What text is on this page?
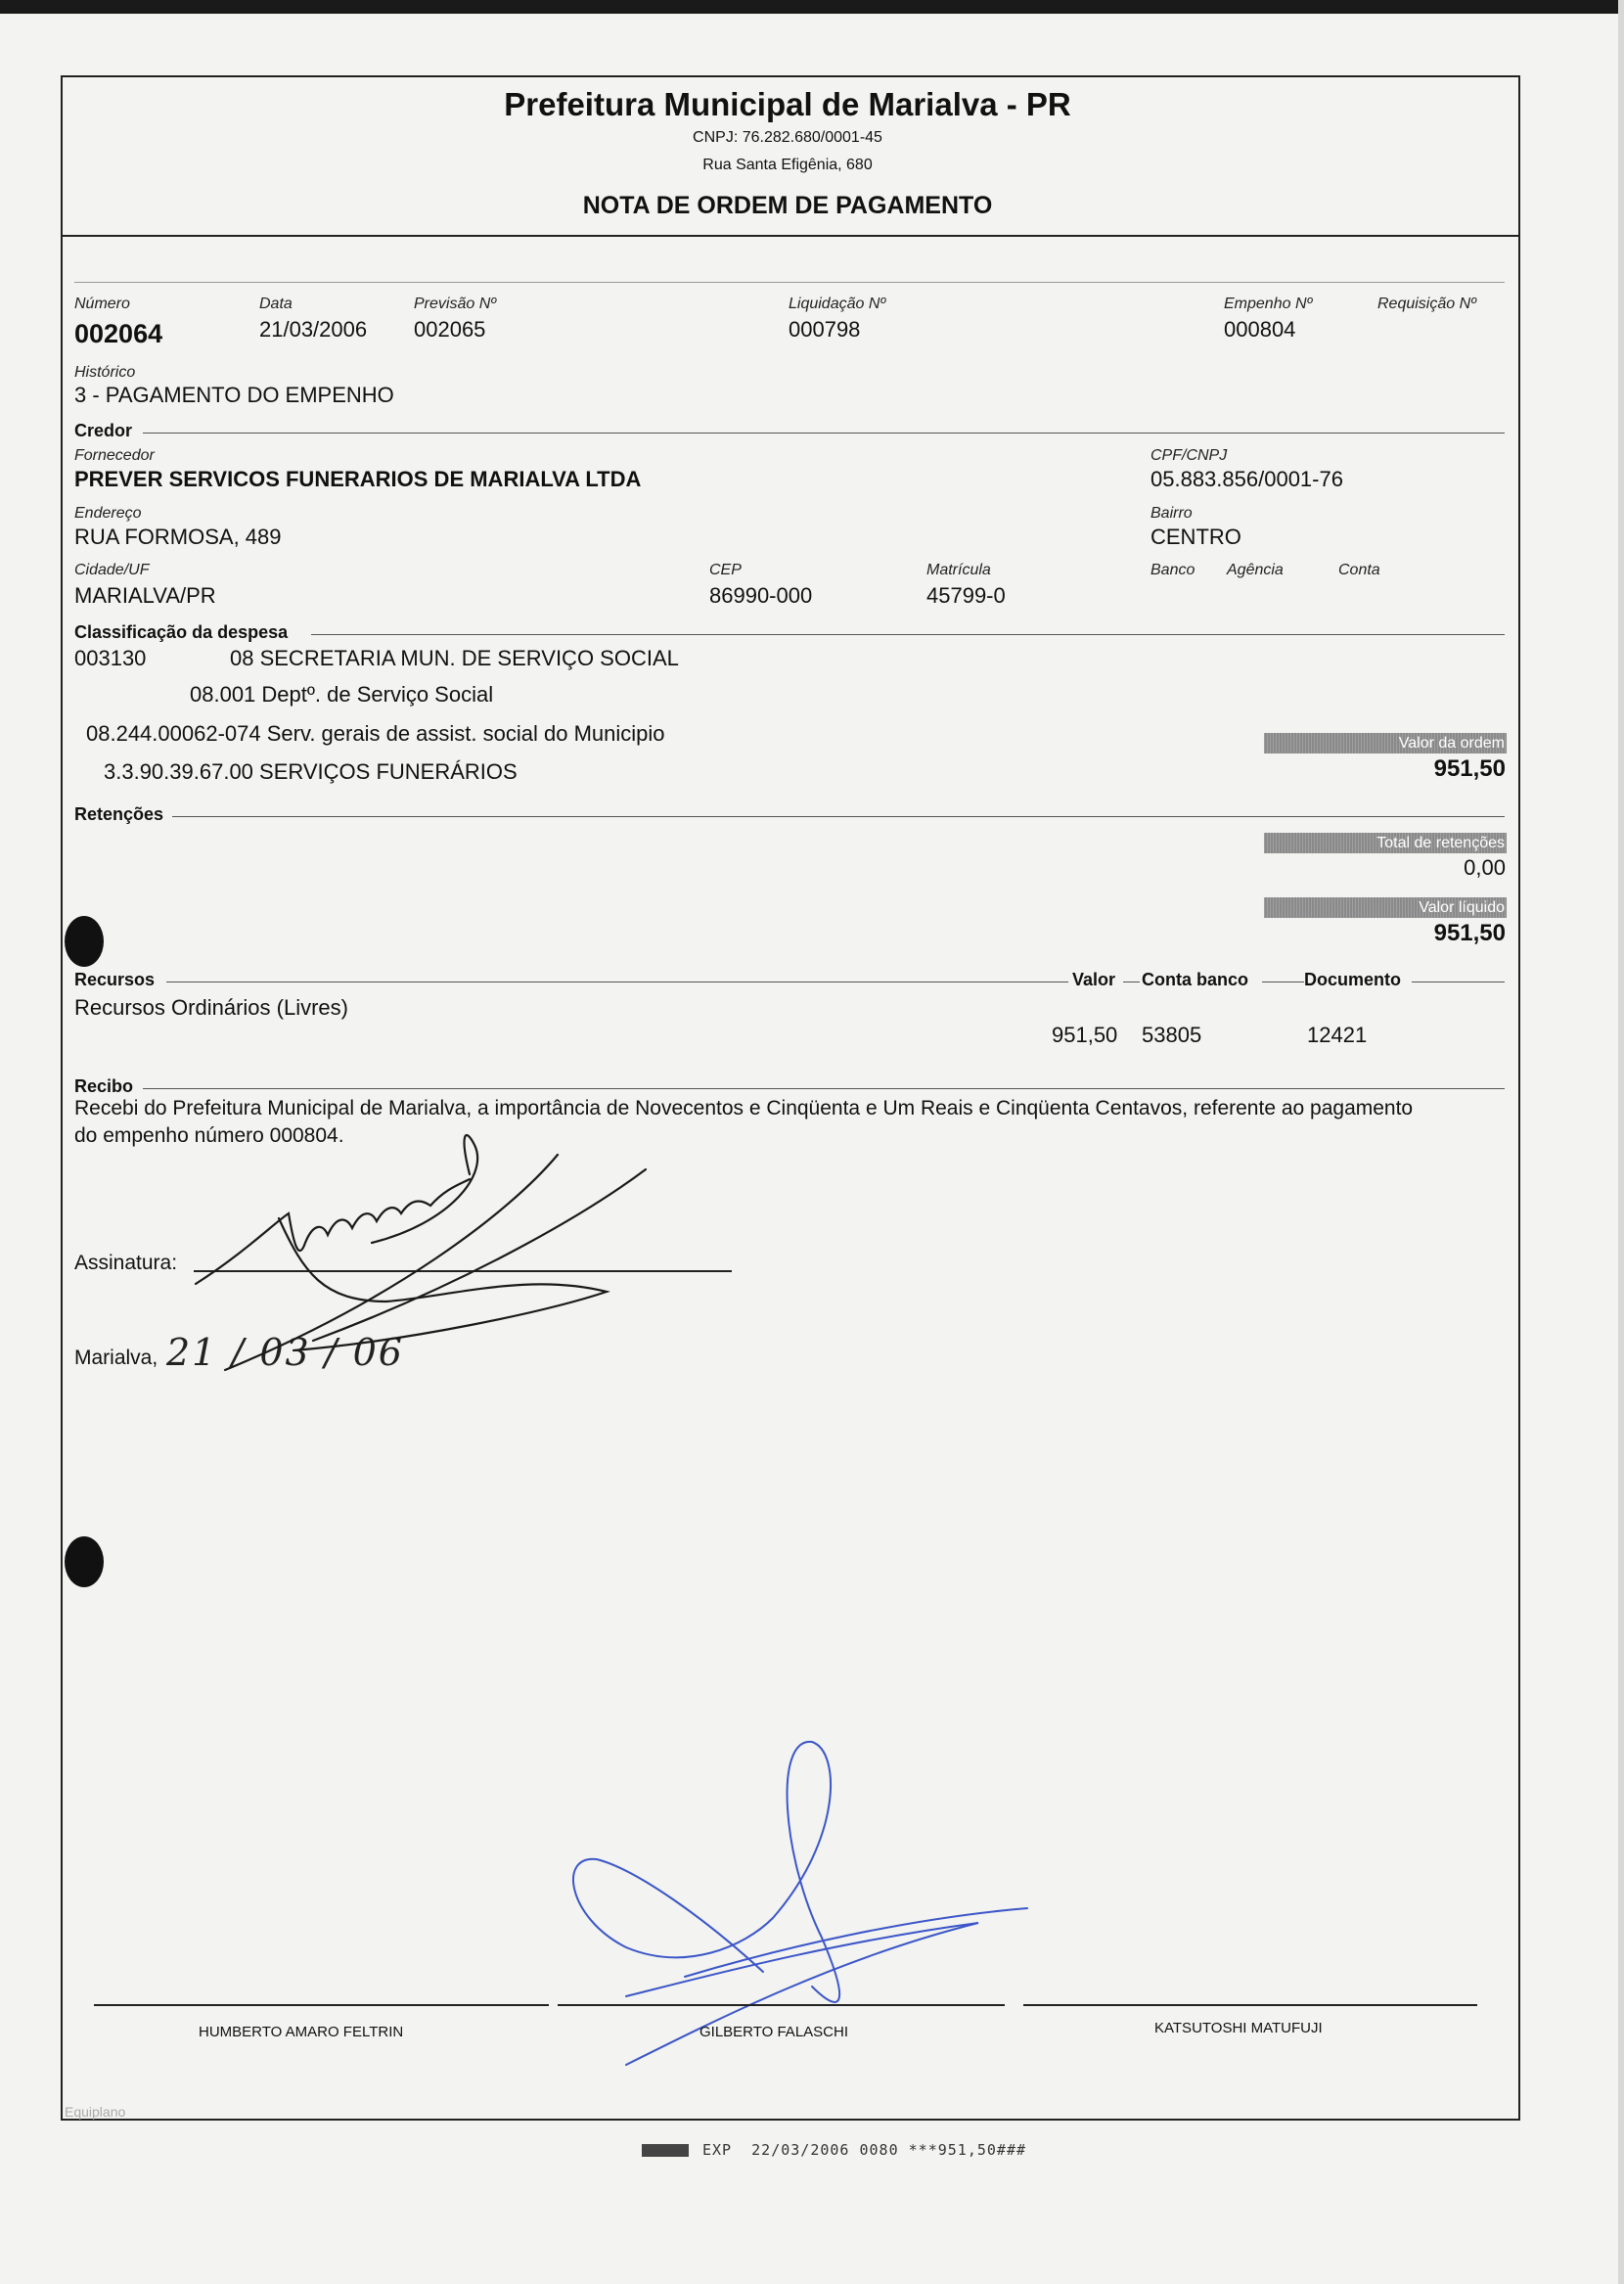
Prefeitura Municipal de Marialva - PR
CNPJ: 76.282.680/0001-45
Rua Santa Efigênia, 680
NOTA DE ORDEM DE PAGAMENTO
Número
002064
Data
21/03/2006
Previsão Nº
002065
Liquidação Nº
000798
Empenho Nº
000804
Requisição Nº
Histórico
3 - PAGAMENTO DO EMPENHO
Credor
Fornecedor
PREVER SERVICOS FUNERARIOS DE MARIALVA LTDA
CPF/CNPJ
05.883.856/0001-76
Endereço
RUA FORMOSA, 489
Bairro
CENTRO
Cidade/UF
MARIALVA/PR
CEP
86990-000
Matrícula
45799-0
Banco Agência	Conta
Classificação da despesa
003130	08 SECRETARIA MUN. DE SERVIÇO SOCIAL
08.001 Deptº. de Serviço Social
08.244.00062-074 Serv. gerais de assist. social do Municipio
3.3.90.39.67.00 SERVIÇOS FUNERÁRIOS
Valor da ordem
951,50
Retenções
Total de retenções
0,00
Valor líquido
951,50
Recursos	Valor Conta banco	Documento
Recursos Ordinários (Livres)
951,50 53805	12421
Recibo
Recebi do Prefeitura Municipal de Marialva, a importância de Novecentos e Cinqüenta e Um Reais e Cinqüenta Centavos, referente ao pagamento
do empenho número 000804.
Assinatura:
Marialva, 21 / 03 / 06
HUMBERTO AMARO FELTRIN	GILBERTO FALASCHI	KATSUTOSHI MATUFUJI
Equiplano
EXP  22/03/2006 0080 ***951,50###
